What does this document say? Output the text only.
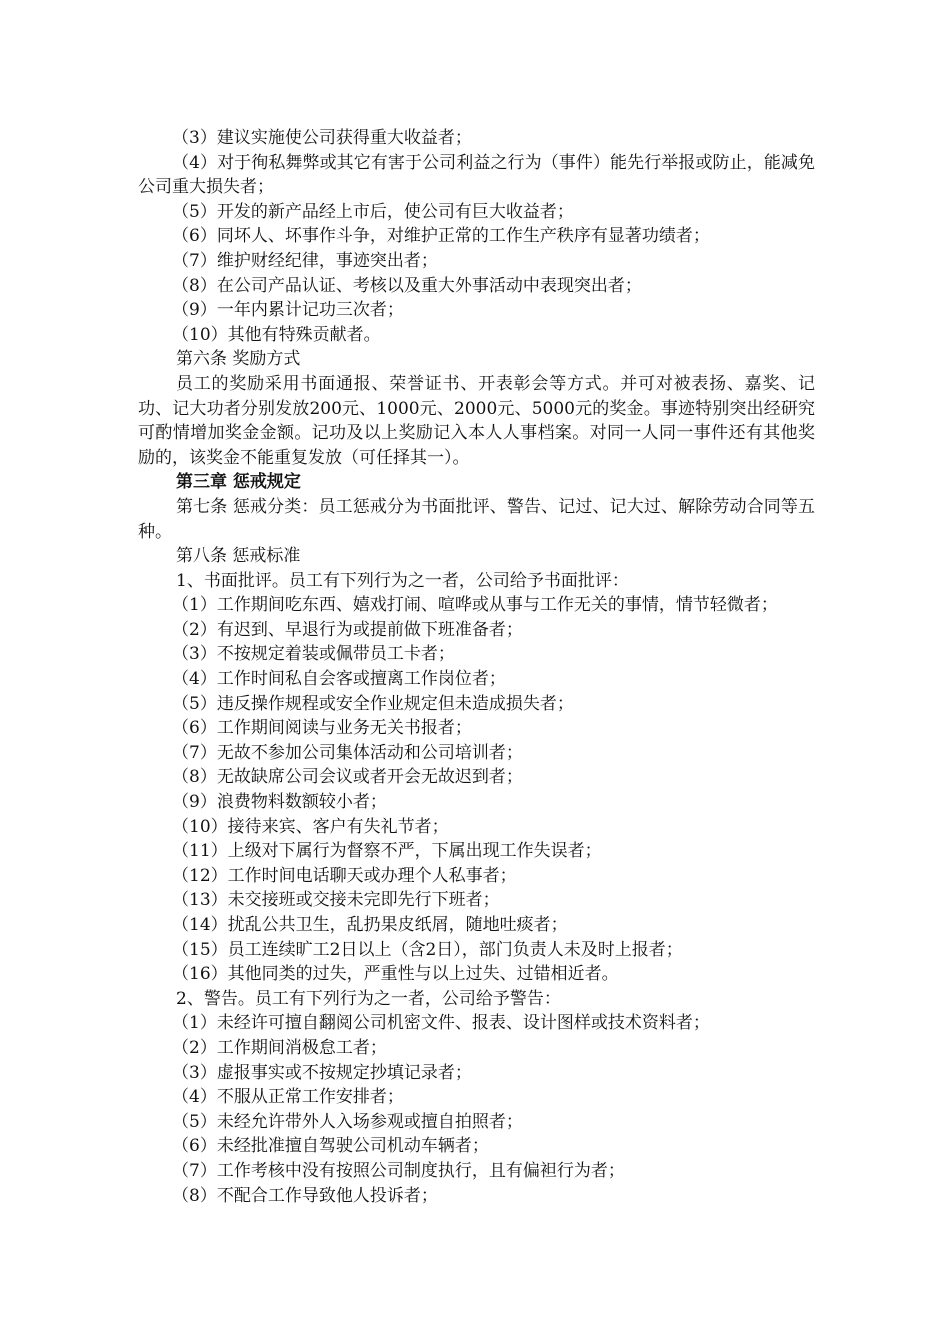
（3）建议实施使公司获得重大收益者；

（4）对于徇私舞弊或其它有害于公司利益之行为（事件）能先行举报或防止，能减免公司重大损失者；

（5）开发的新产品经上市后，使公司有巨大收益者；

（6）同坏人、坏事作斗争，对维护正常的工作生产秩序有显著功绩者；

（7）维护财经纪律，事迹突出者；

（8）在公司产品认证、考核以及重大外事活动中表现突出者；

（9）一年内累计记功三次者；

（10）其他有特殊贡献者。

第六条 奖励方式

员工的奖励采用书面通报、荣誉证书、开表彰会等方式。并可对被表扬、嘉奖、记功、记大功者分别发放200元、1000元、2000元、5000元的奖金。事迹特别突出经研究可酌情增加奖金金额。记功及以上奖励记入本人人事档案。对同一人同一事件还有其他奖励的，该奖金不能重复发放（可任择其一）。

第三章 惩戒规定

第七条 惩戒分类：员工惩戒分为书面批评、警告、记过、记大过、解除劳动合同等五种。

第八条 惩戒标准

1、书面批评。员工有下列行为之一者，公司给予书面批评：

（1）工作期间吃东西、嬉戏打闹、喧哗或从事与工作无关的事情，情节轻微者；

（2）有迟到、早退行为或提前做下班准备者；

（3）不按规定着装或佩带员工卡者；

（4）工作时间私自会客或擅离工作岗位者；

（5）违反操作规程或安全作业规定但未造成损失者；

（6）工作期间阅读与业务无关书报者；

（7）无故不参加公司集体活动和公司培训者；

（8）无故缺席公司会议或者开会无故迟到者；

（9）浪费物料数额较小者；

（10）接待来宾、客户有失礼节者；

（11）上级对下属行为督察不严，下属出现工作失误者；

（12）工作时间电话聊天或办理个人私事者；

（13）未交接班或交接未完即先行下班者；

（14）扰乱公共卫生，乱扔果皮纸屑，随地吐痰者；

（15）员工连续旷工2日以上（含2日），部门负责人未及时上报者；

（16）其他同类的过失，严重性与以上过失、过错相近者。

2、警告。员工有下列行为之一者，公司给予警告：

（1）未经许可擅自翻阅公司机密文件、报表、设计图样或技术资料者；

（2）工作期间消极怠工者；

（3）虚报事实或不按规定抄填记录者；

（4）不服从正常工作安排者；

（5）未经允许带外人入场参观或擅自拍照者；

（6）未经批准擅自驾驶公司机动车辆者；

（7）工作考核中没有按照公司制度执行，且有偏袒行为者；

（8）不配合工作导致他人投诉者；
